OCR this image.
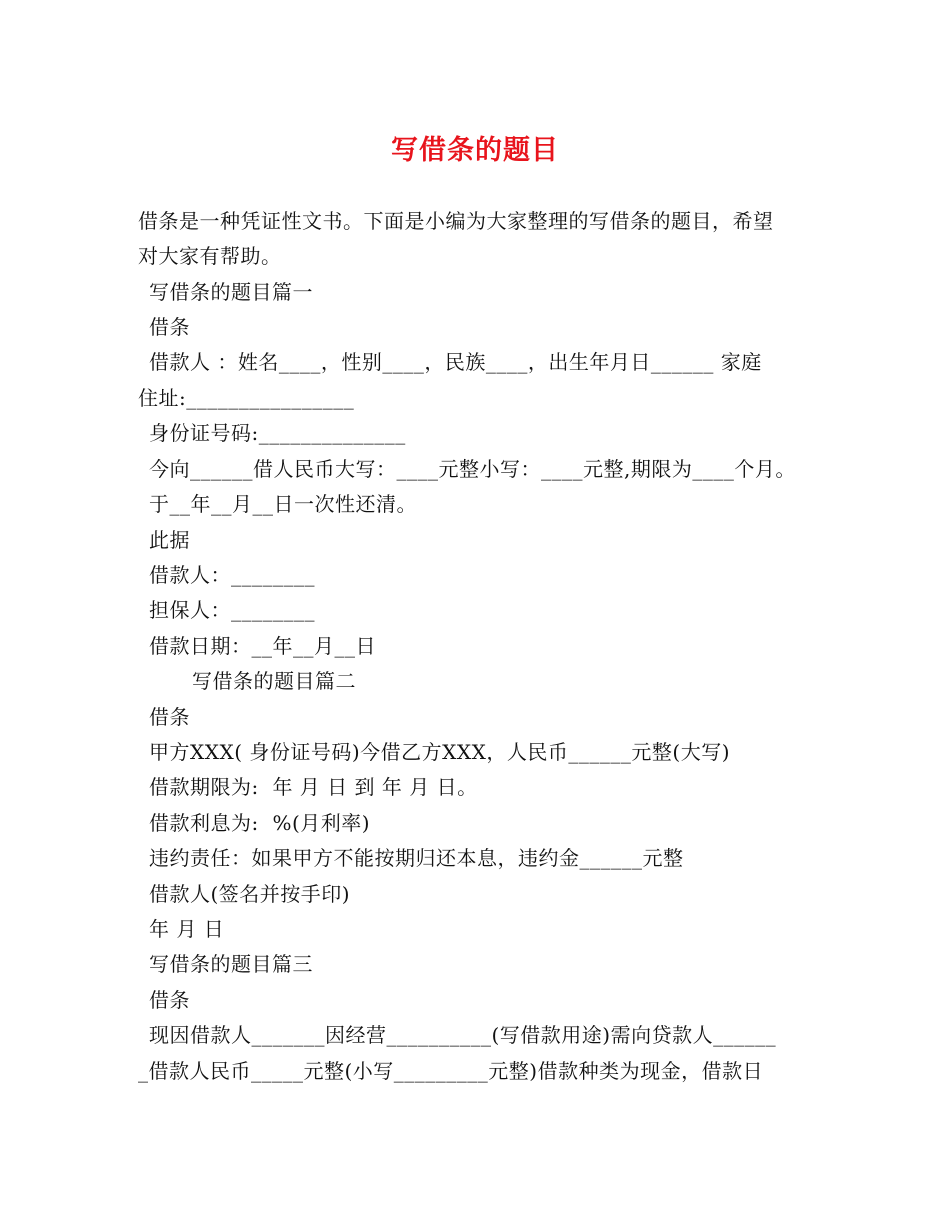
写借条的题目
借条是一种凭证性文书。下面是小编为大家整理的写借条的题目，希望
对大家有帮助。
写借条的题目篇一
借条
借款人 ：姓名____，性别____，民族____，出生年月日______ 家庭
住址:________________
身份证号码:______________
今向______借人民币大写：____元整小写：____元整,期限为____个月。
于__年__月__日一次性还清。
此据
借款人：________
担保人：________
借款日期：__年__月__日
写借条的题目篇二
借条
甲方XXX( 身份证号码)今借乙方XXX，人民币______元整(大写)
借款期限为:  年 月 日 到 年 月 日。
借款利息为:  %(月利率)
违约责任：如果甲方不能按期归还本息，违约金______元整
借款人(签名并按手印)
年 月 日
写借条的题目篇三
借条
现因借款人_______因经营__________(写借款用途)需向贷款人______
_借款人民币_____元整(小写_________元整)借款种类为现金，借款日
